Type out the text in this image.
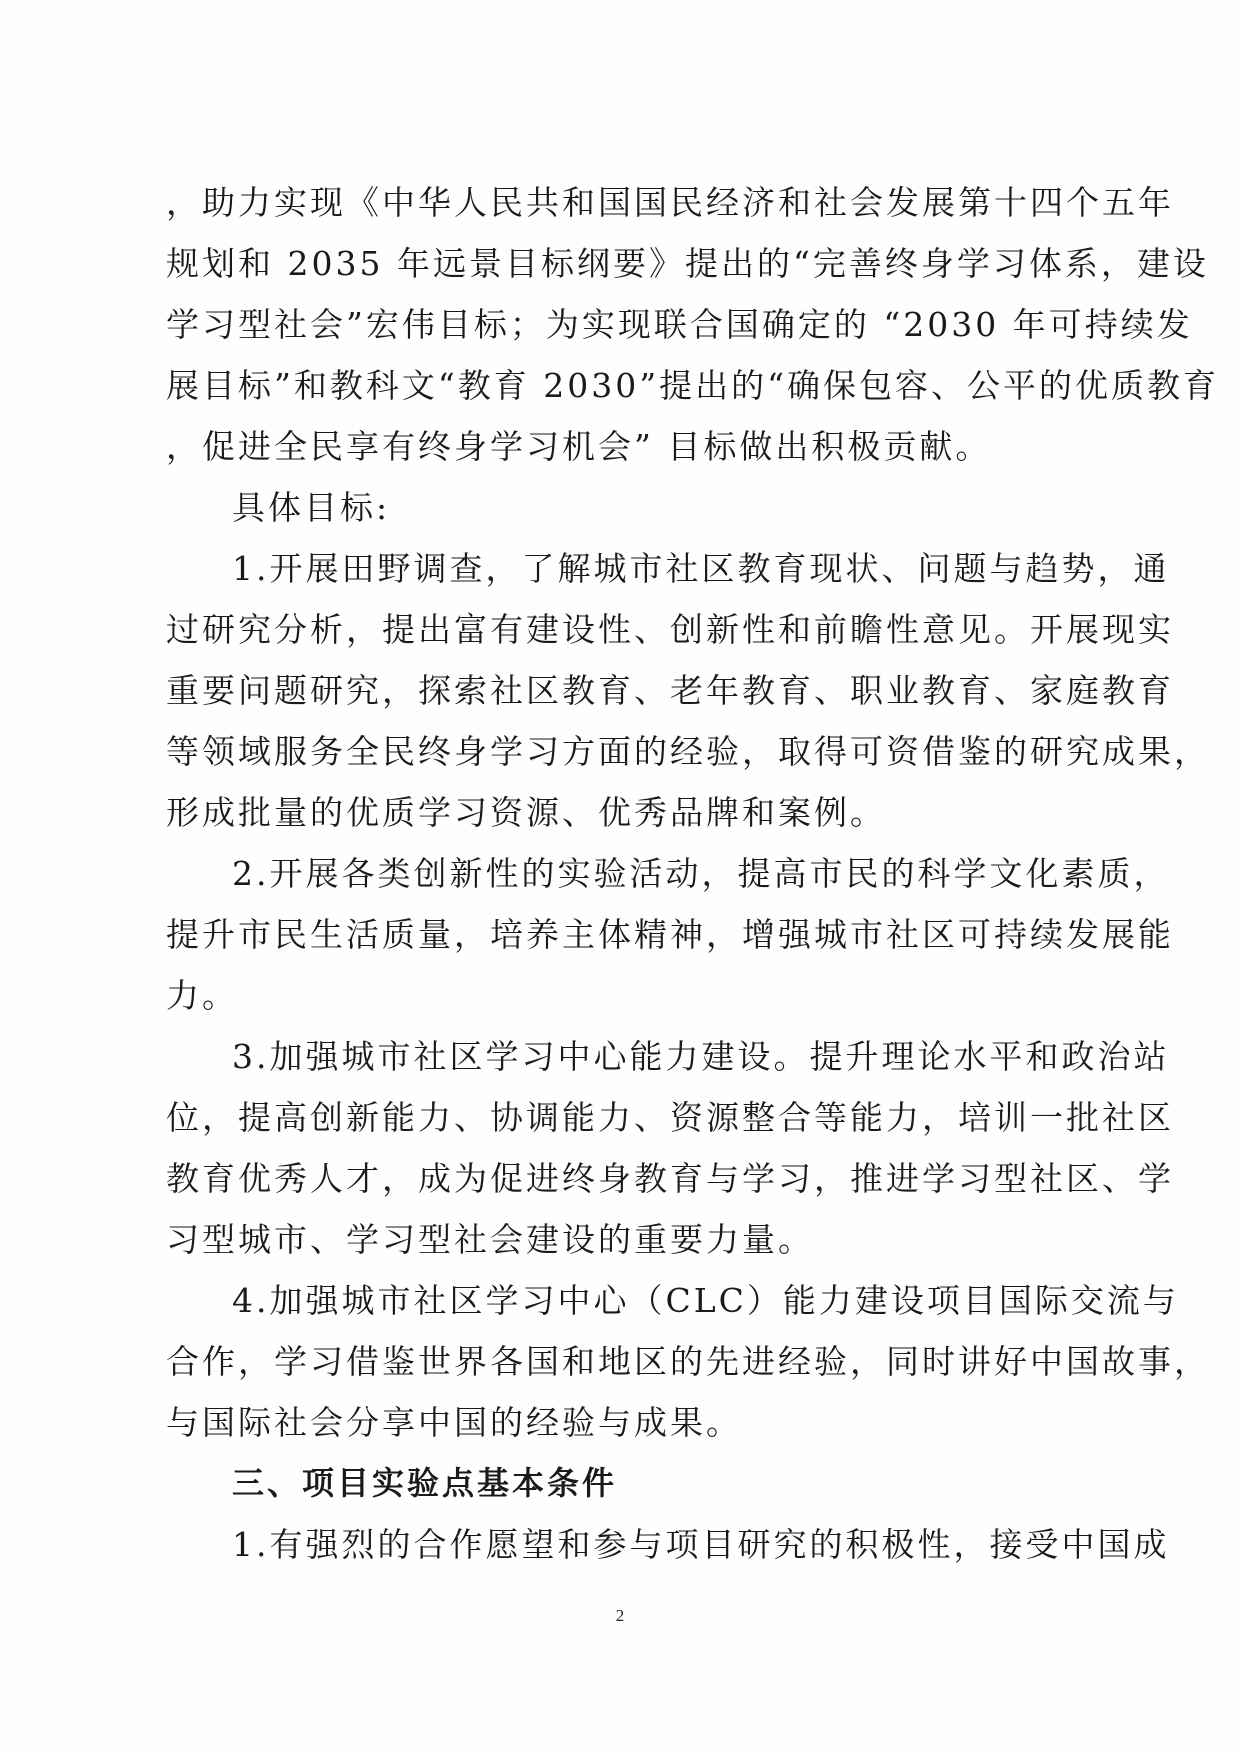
，助力实现《中华人民共和国国民经济和社会发展第十四个五年
规划和 2035 年远景目标纲要》提出的“完善终身学习体系，建设
学习型社会”宏伟目标；为实现联合国确定的 “2030 年可持续发
展目标”和教科文“教育 2030”提出的“确保包容、公平的优质教育
，促进全民享有终身学习机会” 目标做出积极贡献。
具体目标:
1.开展田野调查，了解城市社区教育现状、问题与趋势，通
过研究分析，提出富有建设性、创新性和前瞻性意见。开展现实
重要问题研究，探索社区教育、老年教育、职业教育、家庭教育
等领域服务全民终身学习方面的经验，取得可资借鉴的研究成果，
形成批量的优质学习资源、优秀品牌和案例。
2.开展各类创新性的实验活动，提高市民的科学文化素质，
提升市民生活质量，培养主体精神，增强城市社区可持续发展能
力。
3.加强城市社区学习中心能力建设。提升理论水平和政治站
位，提高创新能力、协调能力、资源整合等能力，培训一批社区
教育优秀人才，成为促进终身教育与学习，推进学习型社区、学
习型城市、学习型社会建设的重要力量。
4.加强城市社区学习中心（CLC）能力建设项目国际交流与
合作，学习借鉴世界各国和地区的先进经验，同时讲好中国故事，
与国际社会分享中国的经验与成果。
三、项目实验点基本条件
1.有强烈的合作愿望和参与项目研究的积极性，接受中国成
2
